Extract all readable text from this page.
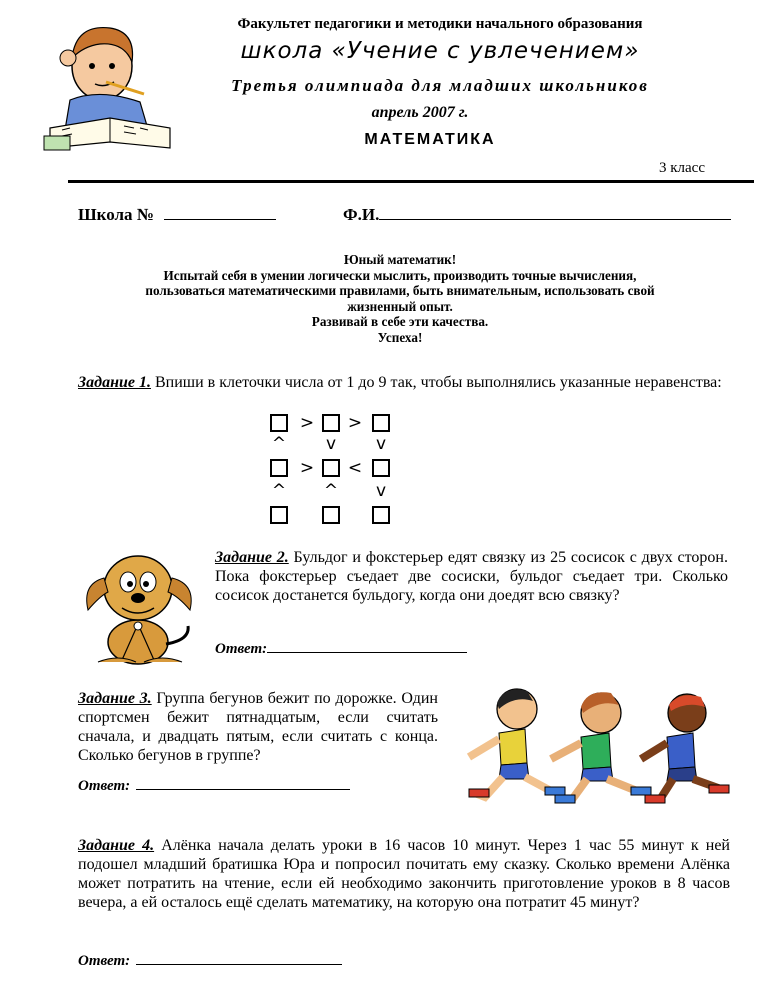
Факультет педагогики и методики начального образования
школа «Учение с увлечением»
Третья олимпиада для младших школьников
апрель 2007 г.
МАТЕМАТИКА
3 класс
Школа №	Ф.И.
Юный математик!
Испытай себя в умении логически мыслить, производить точные вычисления,
пользоваться математическими правилами, быть внимательным, использовать свой
жизненный опыт.
Развивай в себе эти качества.
Успеха!
Задание 1. Впиши в клеточки числа от 1 до 9 так, чтобы выполнялись указанные неравенства:
> >
^ v v
> <
^ ^ v
Задание 2. Бульдог и фокстерьер едят связку из 25 сосисок с двух сторон. Пока фокстерьер съедает две сосиски, бульдог съедает три. Сколько сосисок достанется бульдогу, когда они доедят всю связку?
Ответ:
Задание 3. Группа бегунов бежит по дорожке. Один спортсмен бежит пятнадцатым, если считать сначала, и двадцать пятым, если считать с конца. Сколько бегунов в группе?
Ответ:
Задание 4. Алёнка начала делать уроки в 16 часов 10 минут. Через 1 час 55 минут к ней подошел младший братишка Юра и попросил почитать ему сказку. Сколько времени Алёнка может потратить на чтение, если ей необходимо закончить приготовление уроков в 8 часов вечера, а ей осталось ещё сделать математику, на которую она потратит 45 минут?
Ответ:
